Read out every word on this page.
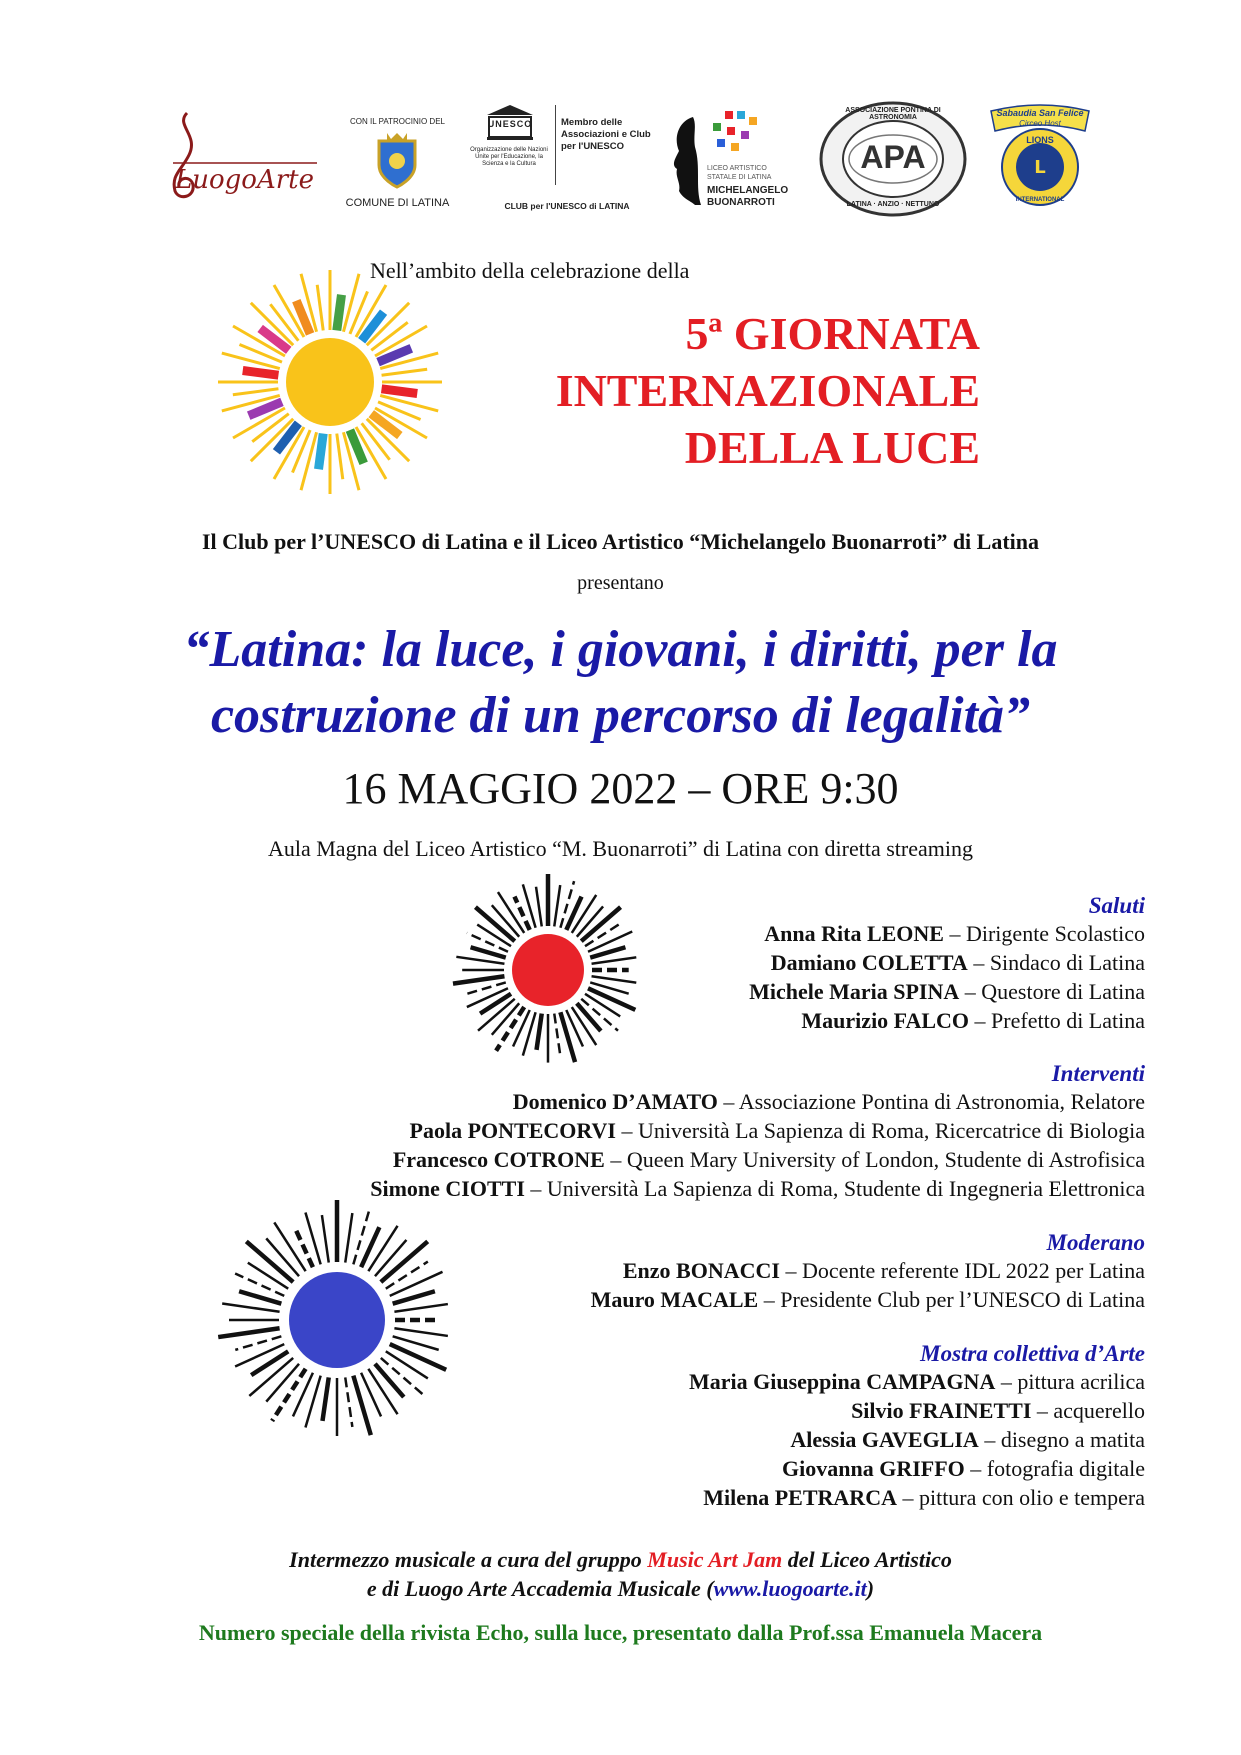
LuogoArte
CON IL PATROCINIO DEL
COMUNE DI LATINA
UNESCO
Organizzazione delle Nazioni Unite per l'Educazione, la Scienza e la Cultura
Membro delle Associazioni e Club per l'UNESCO
CLUB per l'UNESCO di LATINA
LICEO ARTISTICO
STATALE DI LATINA
MICHELANGELO
BUONARROTI
ASSOCIAZIONE PONTINA DI ASTRONOMIA
APA
LATINA · ANZIO · NETTUNO
L
Sabaudia San Felice
Circeo Host
LIONS
INTERNATIONAL
Nell’ambito della celebrazione della
5ª GIORNATA
INTERNAZIONALE
DELLA LUCE
Il Club per l’UNESCO di Latina e il Liceo Artistico “Michelangelo Buonarroti” di Latina
presentano
“Latina: la luce, i giovani, i diritti, per la
costruzione di un percorso di legalità”
16 MAGGIO 2022 – ORE 9:30
Aula Magna del Liceo Artistico “M. Buonarroti” di Latina con diretta streaming
Saluti
Anna Rita LEONE – Dirigente Scolastico
Damiano COLETTA – Sindaco di Latina
Michele Maria SPINA – Questore di Latina
Maurizio FALCO – Prefetto di Latina
Interventi
Domenico D’AMATO – Associazione Pontina di Astronomia, Relatore
Paola PONTECORVI – Università La Sapienza di Roma, Ricercatrice di Biologia
Francesco COTRONE – Queen Mary University of London, Studente di Astrofisica
Simone CIOTTI – Università La Sapienza di Roma, Studente di Ingegneria Elettronica
Moderano
Enzo BONACCI – Docente referente IDL 2022 per Latina
Mauro MACALE – Presidente Club per l’UNESCO di Latina
Mostra collettiva d’Arte
Maria Giuseppina CAMPAGNA – pittura acrilica
Silvio FRAINETTI – acquerello
Alessia GAVEGLIA – disegno a matita
Giovanna GRIFFO – fotografia digitale
Milena PETRARCA – pittura con olio e tempera
Intermezzo musicale a cura del gruppo Music Art Jam del Liceo Artistico
e di Luogo Arte Accademia Musicale (www.luogoarte.it)
Numero speciale della rivista Echo, sulla luce, presentato dalla Prof.ssa Emanuela Macera
